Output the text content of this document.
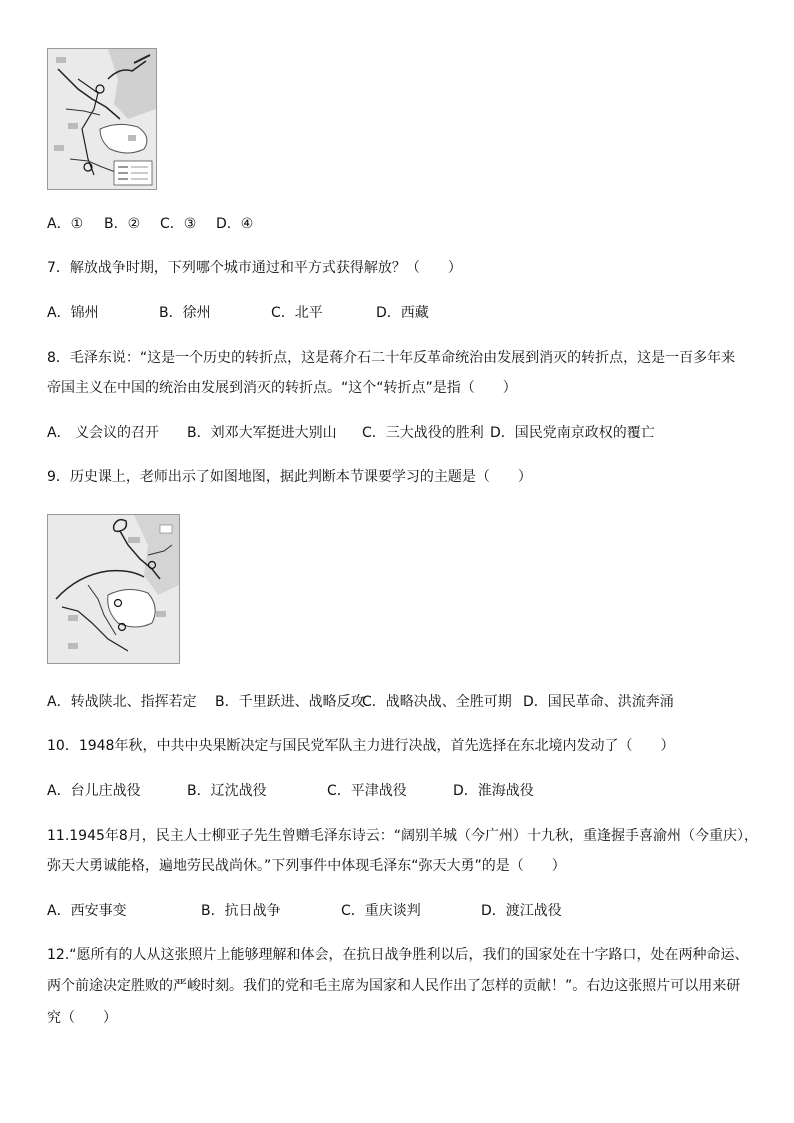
A．① B．② C．③ D．④
7．解放战争时期，下列哪个城市通过和平方式获得解放？（　　）
A．锦州	B．徐州	C．北平	D．西藏
8．毛泽东说：“这是一个历史的转折点，这是蒋介石二十年反革命统治由发展到消灭的转折点，这是一百多年来
帝国主义在中国的统治由发展到消灭的转折点。“这个“转折点”是指（　　）
A． 义会议的召开 B．刘邓大军挺进大别山 C．三大战役的胜利 D．国民党南京政权的覆亡
9．历史课上，老师出示了如图地图，据此判断本节课要学习的主题是（　　）
A．转战陕北、指挥若定 B．千里跃进、战略反攻
C．战略决战、全胜可期 D．国民革命、洪流奔涌
10．1948年秋，中共中央果断决定与国民党军队主力进行决战，首先选择在东北境内发动了（　　）
A．台儿庄战役	B．辽沈战役	C．平津战役	D．淮海战役
11.1945年8月，民主人士柳亚子先生曾赠毛泽东诗云：“阔别羊城（今广州）十九秋，重逢握手喜渝州（今重庆），
弥天大勇诚能格，遍地劳民战尚休。”下列事件中体现毛泽东“弥天大勇”的是（　　）
A．西安事变	B．抗日战争	C．重庆谈判	D．渡江战役
12.“愿所有的人从这张照片上能够理解和体会，在抗日战争胜利以后，我们的国家处在十字路口，处在两种命运、
两个前途决定胜败的严峻时刻。我们的党和毛主席为国家和人民作出了怎样的贡献！”。右边这张照片可以用来研
究（　　）
